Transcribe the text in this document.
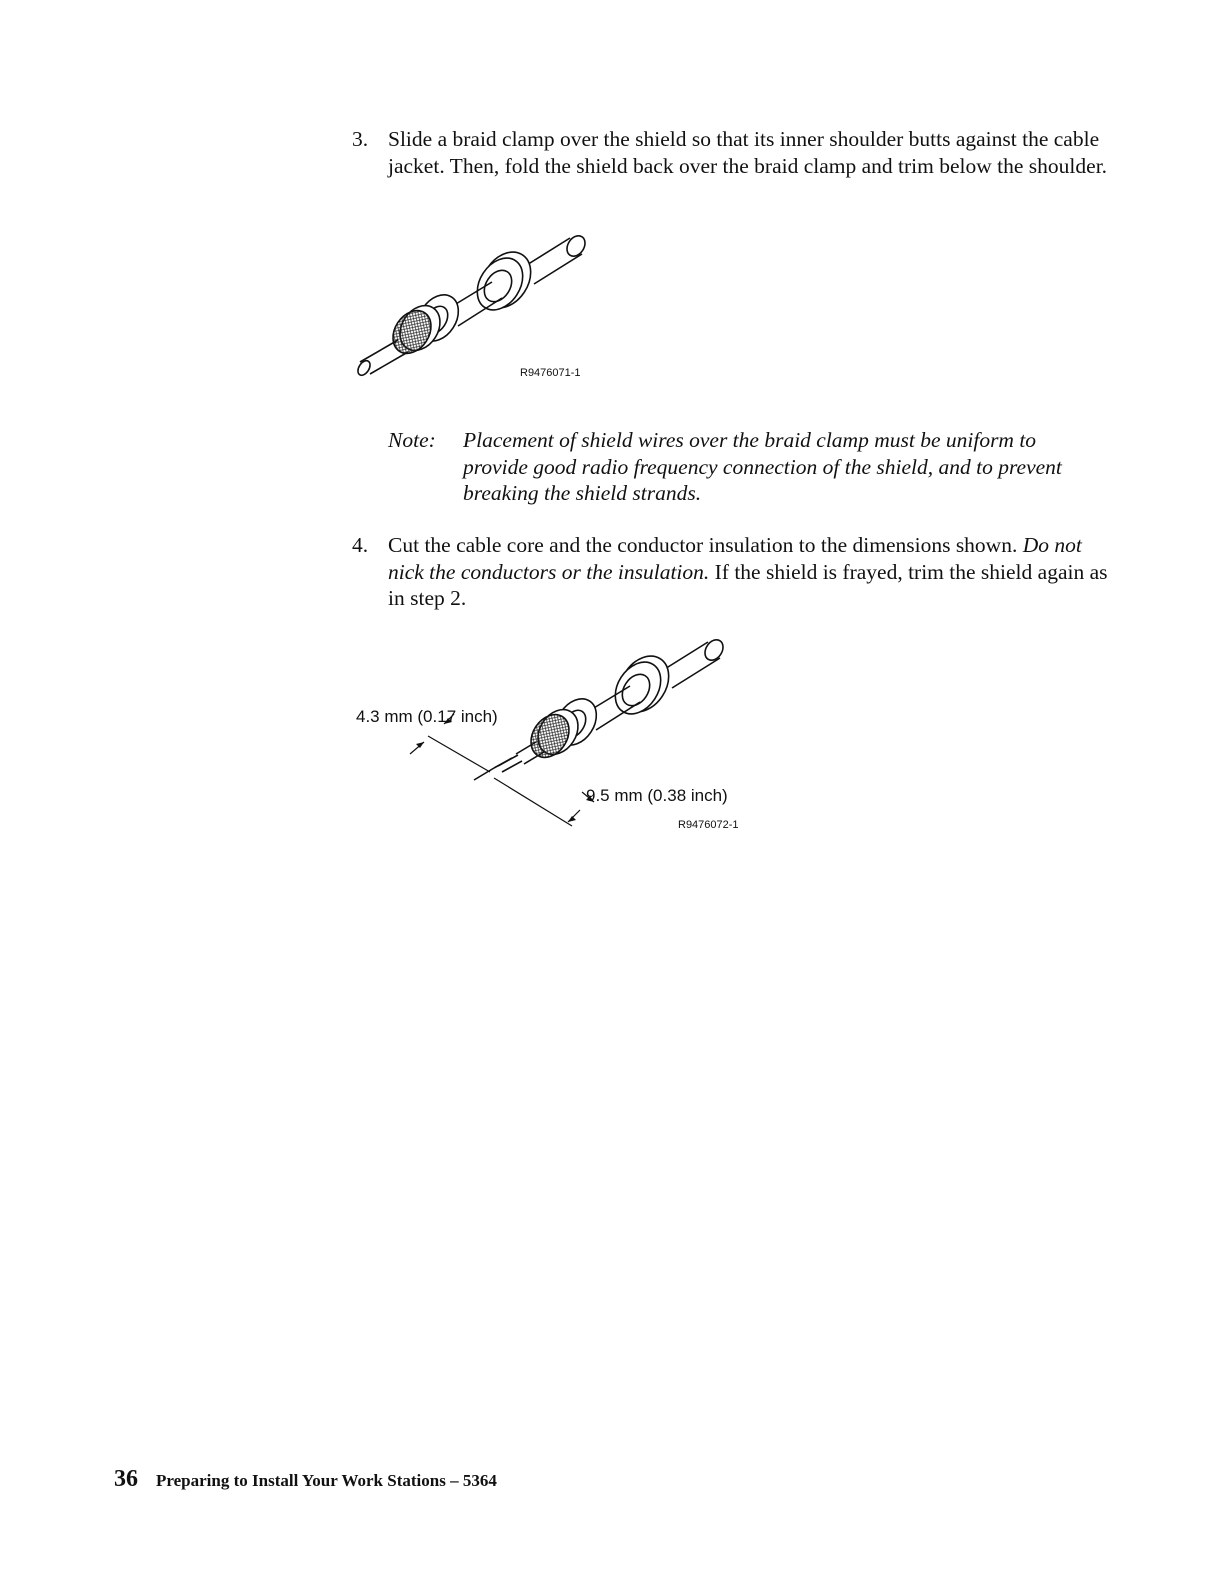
3. Slide a braid clamp over the shield so that its inner shoulder butts against the cable jacket. Then, fold the shield back over the braid clamp and trim below the shoulder.
R9476071-1
Note: Placement of shield wires over the braid clamp must be uniform to provide good radio frequency connection of the shield, and to prevent breaking the shield strands.
4. Cut the cable core and the conductor insulation to the dimensions shown. Do not nick the conductors or the insulation. If the shield is frayed, trim the shield again as in step 2.
4.3 mm (0.17 inch)
9.5 mm (0.38 inch)
R9476072-1
36 Preparing to Install Your Work Stations – 5364
